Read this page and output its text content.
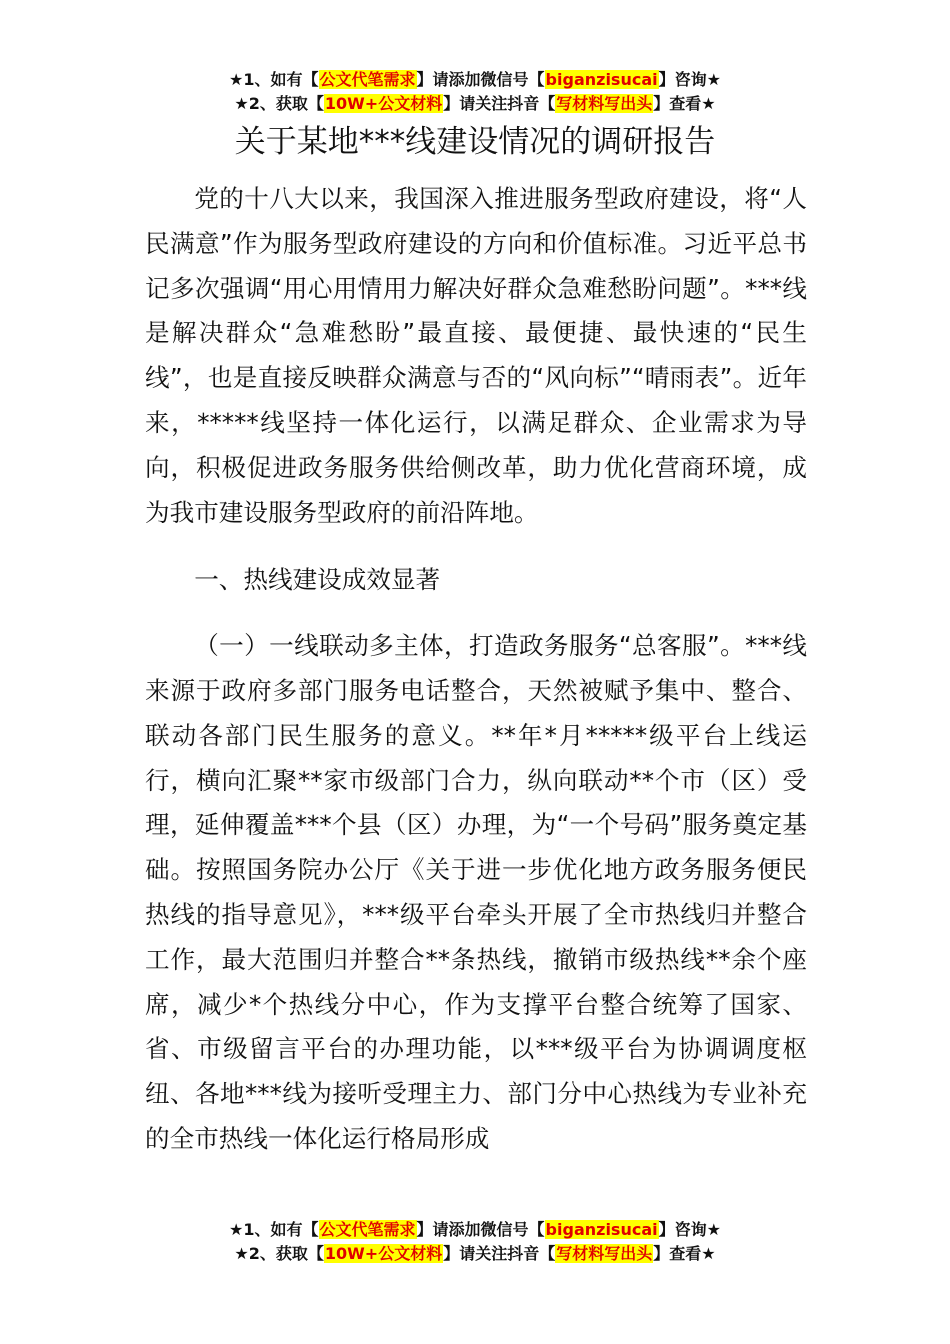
★1、如有【公文代笔需求】请添加微信号【biganzisucai】咨询★
★2、获取【10W+公文材料】请关注抖音【写材料写出头】查看★
关于某地***线建设情况的调研报告

党的十八大以来，我国深入推进服务型政府建设，将“人民满意”作为服务型政府建设的方向和价值标准。习近平总书记多次强调“用心用情用力解决好群众急难愁盼问题”。***线是解决群众“急难愁盼”最直接、最便捷、最快速的“民生线”，也是直接反映群众满意与否的“风向标”“晴雨表”。近年来，*****线坚持一体化运行，以满足群众、企业需求为导向，积极促进政务服务供给侧改革，助力优化营商环境，成为我市建设服务型政府的前沿阵地。

一、热线建设成效显著

（一）一线联动多主体，打造政务服务“总客服”。***线来源于政府多部门服务电话整合，天然被赋予集中、整合、联动各部门民生服务的意义。**年*月*****级平台上线运行，横向汇聚**家市级部门合力，纵向联动**个市（区）受理，延伸覆盖***个县（区）办理，为“一个号码”服务奠定基础。按照国务院办公厅《关于进一步优化地方政务服务便民热线的指导意见》，***级平台牵头开展了全市热线归并整合工作，最大范围归并整合**条热线，撤销市级热线**余个座席，减少*个热线分中心，作为支撑平台整合统筹了国家、省、市级留言平台的办理功能，以***级平台为协调调度枢纽、各地***线为接听受理主力、部门分中心热线为专业补充的全市热线一体化运行格局形成

★1、如有【公文代笔需求】请添加微信号【biganzisucai】咨询★
★2、获取【10W+公文材料】请关注抖音【写材料写出头】查看★
